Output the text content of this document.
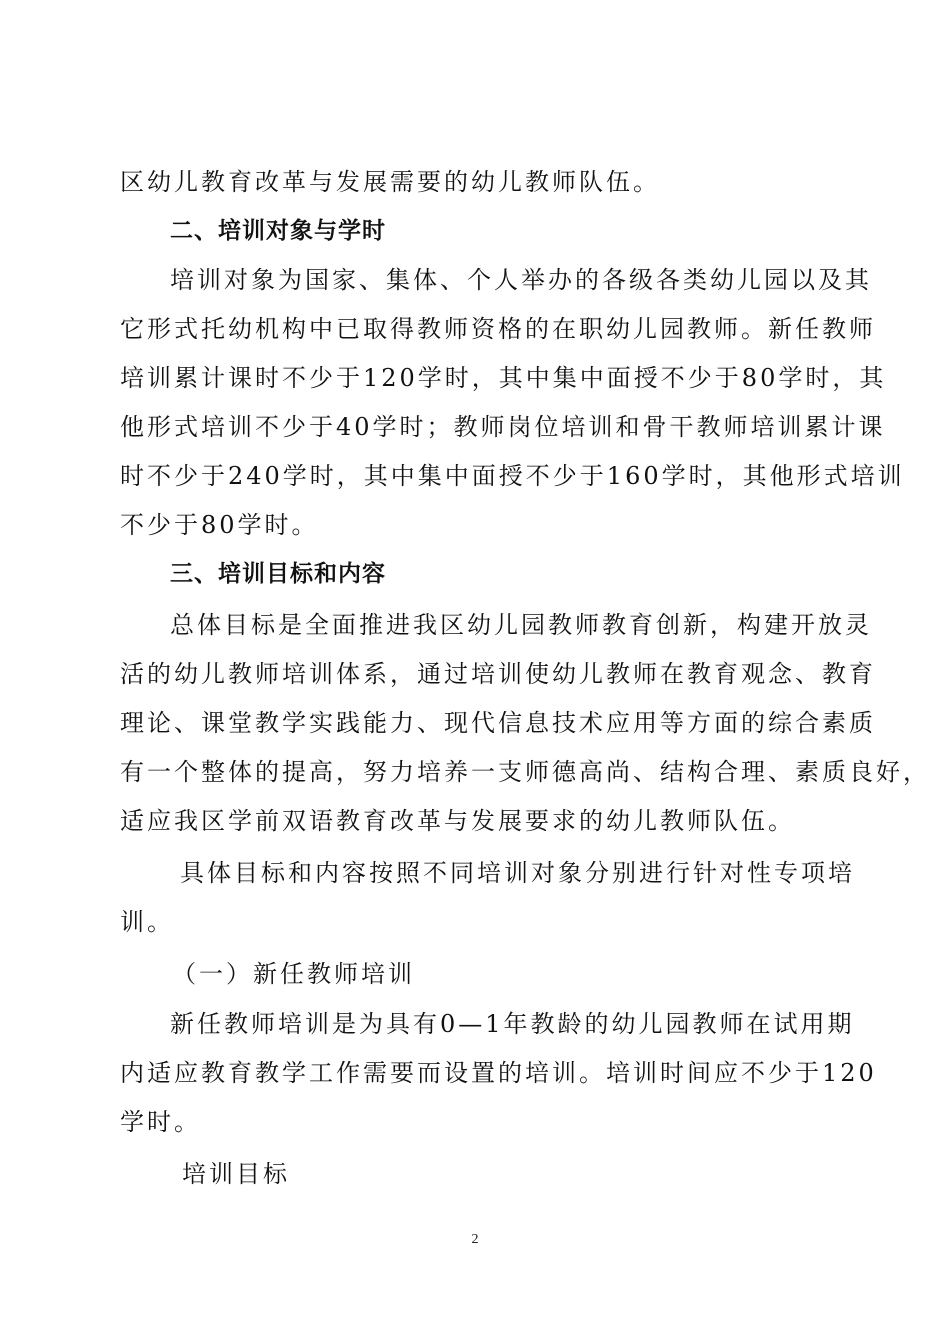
区幼儿教育改革与发展需要的幼儿教师队伍。
二、培训对象与学时
培训对象为国家、集体、个人举办的各级各类幼儿园以及其
它形式托幼机构中已取得教师资格的在职幼儿园教师。新任教师
培训累计课时不少于120学时，其中集中面授不少于80学时，其
他形式培训不少于40学时；教师岗位培训和骨干教师培训累计课
时不少于240学时，其中集中面授不少于160学时，其他形式培训
不少于80学时。
三、培训目标和内容
总体目标是全面推进我区幼儿园教师教育创新，构建开放灵
活的幼儿教师培训体系，通过培训使幼儿教师在教育观念、教育
理论、课堂教学实践能力、现代信息技术应用等方面的综合素质
有一个整体的提高，努力培养一支师德高尚、结构合理、素质良好，
适应我区学前双语教育改革与发展要求的幼儿教师队伍。
具体目标和内容按照不同培训对象分别进行针对性专项培
训。
（一）新任教师培训
新任教师培训是为具有0—1年教龄的幼儿园教师在试用期
内适应教育教学工作需要而设置的培训。培训时间应不少于120
学时。
培训目标
2
